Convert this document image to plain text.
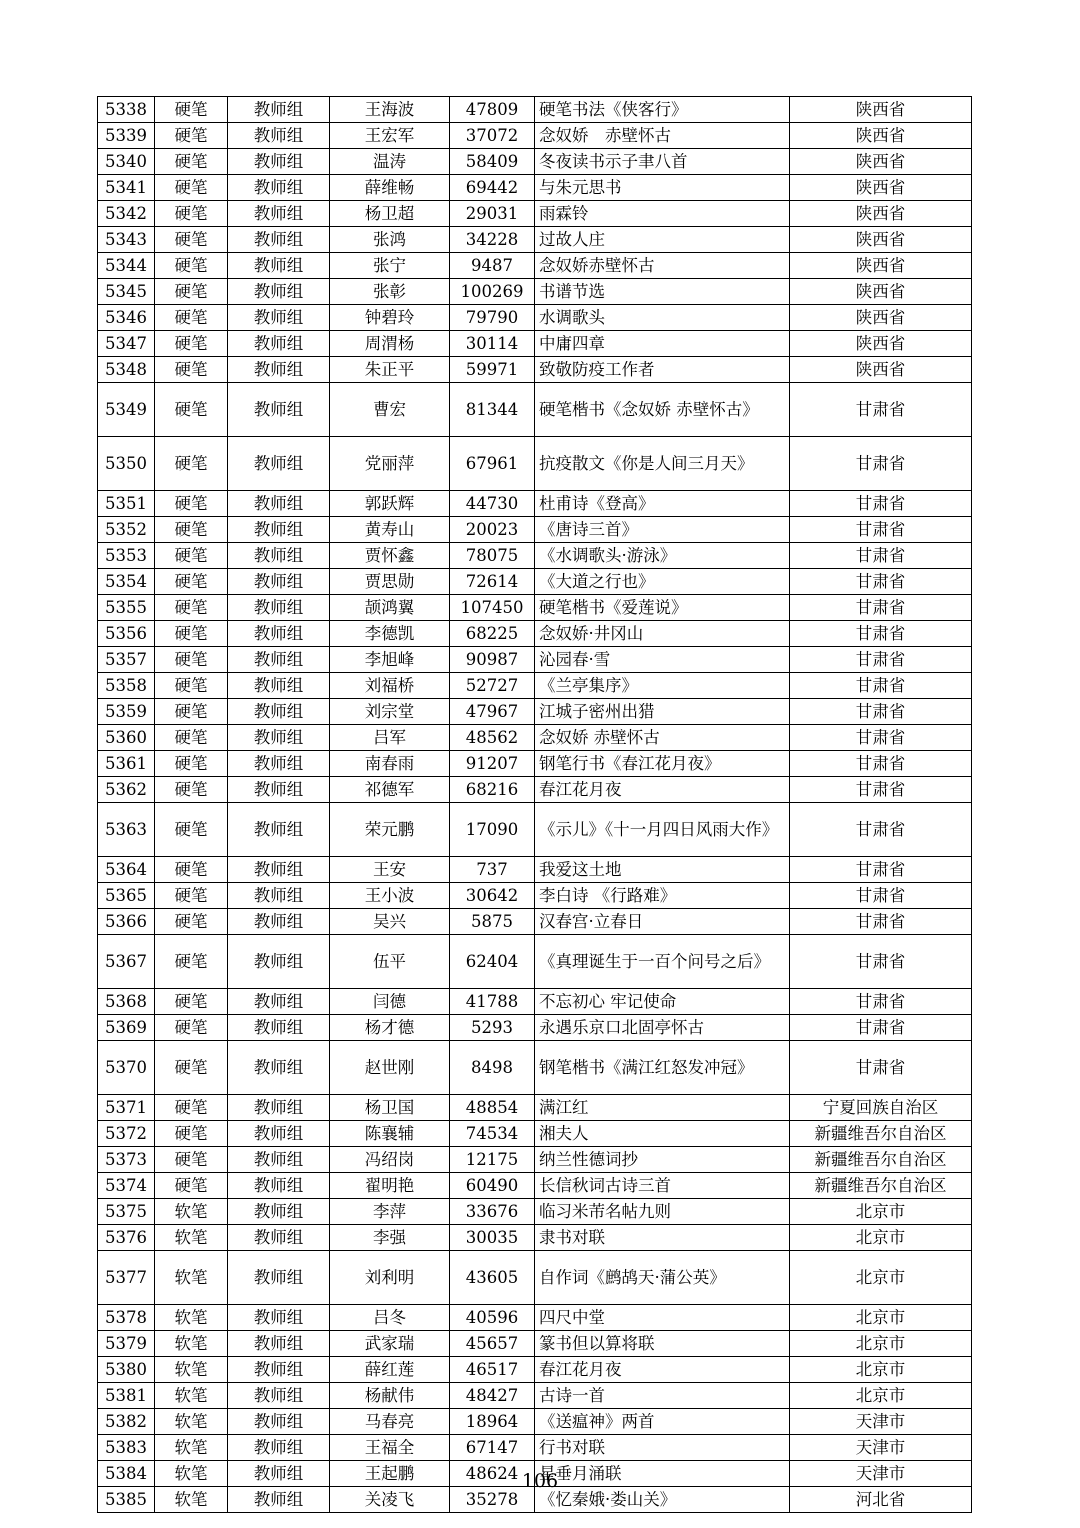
5338	硬笔	教师组	王海波	47809	硬笔书法《侠客行》	陕西省
5339	硬笔	教师组	王宏军	37072	念奴娇　赤壁怀古	陕西省
5340	硬笔	教师组	温涛	58409	冬夜读书示子聿八首	陕西省
5341	硬笔	教师组	薛维畅	69442	与朱元思书	陕西省
5342	硬笔	教师组	杨卫超	29031	雨霖铃	陕西省
5343	硬笔	教师组	张鸿	34228	过故人庄	陕西省
5344	硬笔	教师组	张宁	9487	念奴娇赤壁怀古	陕西省
5345	硬笔	教师组	张彰	100269	书谱节选	陕西省
5346	硬笔	教师组	钟碧玲	79790	水调歌头	陕西省
5347	硬笔	教师组	周渭杨	30114	中庸四章	陕西省
5348	硬笔	教师组	朱正平	59971	致敬防疫工作者	陕西省
5349	硬笔	教师组	曹宏	81344	硬笔楷书《念奴娇 赤壁怀古》	甘肃省
5350	硬笔	教师组	党丽萍	67961	抗疫散文《你是人间三月天》	甘肃省
5351	硬笔	教师组	郭跃辉	44730	杜甫诗《登高》	甘肃省
5352	硬笔	教师组	黄寿山	20023	《唐诗三首》	甘肃省
5353	硬笔	教师组	贾怀鑫	78075	《水调歌头·游泳》	甘肃省
5354	硬笔	教师组	贾思勋	72614	《大道之行也》	甘肃省
5355	硬笔	教师组	颉鸿翼	107450	硬笔楷书《爱莲说》	甘肃省
5356	硬笔	教师组	李德凯	68225	念奴娇·井冈山	甘肃省
5357	硬笔	教师组	李旭峰	90987	沁园春·雪	甘肃省
5358	硬笔	教师组	刘福桥	52727	《兰亭集序》	甘肃省
5359	硬笔	教师组	刘宗堂	47967	江城子密州出猎	甘肃省
5360	硬笔	教师组	吕军	48562	念奴娇 赤壁怀古	甘肃省
5361	硬笔	教师组	南春雨	91207	钢笔行书《春江花月夜》	甘肃省
5362	硬笔	教师组	祁德军	68216	春江花月夜	甘肃省
5363	硬笔	教师组	荣元鹏	17090	《示儿》《十一月四日风雨大作》	甘肃省
5364	硬笔	教师组	王安	737	我爱这土地	甘肃省
5365	硬笔	教师组	王小波	30642	李白诗 《行路难》	甘肃省
5366	硬笔	教师组	吴兴	5875	汉春宫·立春日	甘肃省
5367	硬笔	教师组	伍平	62404	《真理诞生于一百个问号之后》	甘肃省
5368	硬笔	教师组	闫德	41788	不忘初心 牢记使命	甘肃省
5369	硬笔	教师组	杨才德	5293	永遇乐京口北固亭怀古	甘肃省
5370	硬笔	教师组	赵世刚	8498	钢笔楷书《满江红怒发冲冠》	甘肃省
5371	硬笔	教师组	杨卫国	48854	满江红	宁夏回族自治区
5372	硬笔	教师组	陈襄辅	74534	湘夫人	新疆维吾尔自治区
5373	硬笔	教师组	冯绍岗	12175	纳兰性德词抄	新疆维吾尔自治区
5374	硬笔	教师组	翟明艳	60490	长信秋词古诗三首	新疆维吾尔自治区
5375	软笔	教师组	李萍	33676	临习米芾名帖九则	北京市
5376	软笔	教师组	李强	30035	隶书对联	北京市
5377	软笔	教师组	刘利明	43605	自作词《鹧鸪天·蒲公英》	北京市
5378	软笔	教师组	吕冬	40596	四尺中堂	北京市
5379	软笔	教师组	武家瑞	45657	篆书但以算将联	北京市
5380	软笔	教师组	薛红莲	46517	春江花月夜	北京市
5381	软笔	教师组	杨献伟	48427	古诗一首	北京市
5382	软笔	教师组	马春亮	18964	《送瘟神》两首	天津市
5383	软笔	教师组	王福全	67147	行书对联	天津市
5384	软笔	教师组	王起鹏	48624	星垂月涌联	天津市
5385	软笔	教师组	关凌飞	35278	《忆秦娥·娄山关》	河北省
106
